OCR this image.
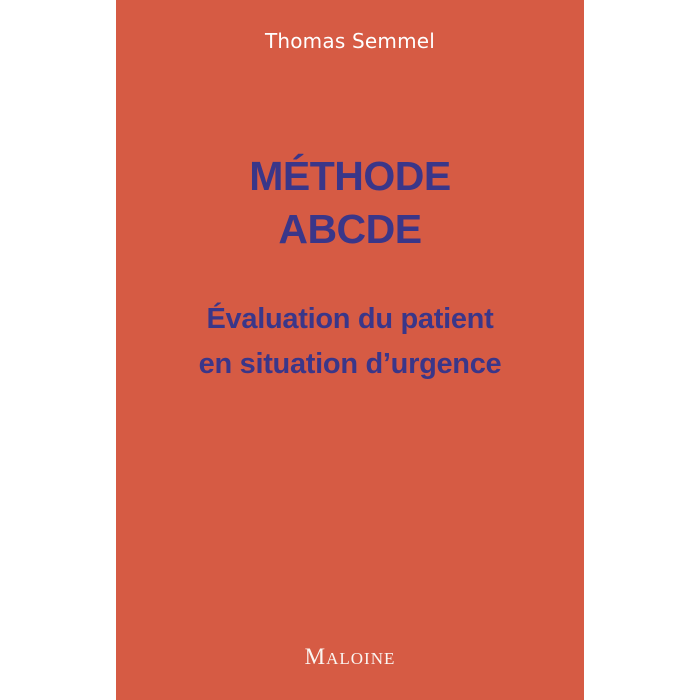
Thomas Semmel
MÉTHODE
ABCDE
Évaluation du patient
en situation d’urgence
MALOINE
